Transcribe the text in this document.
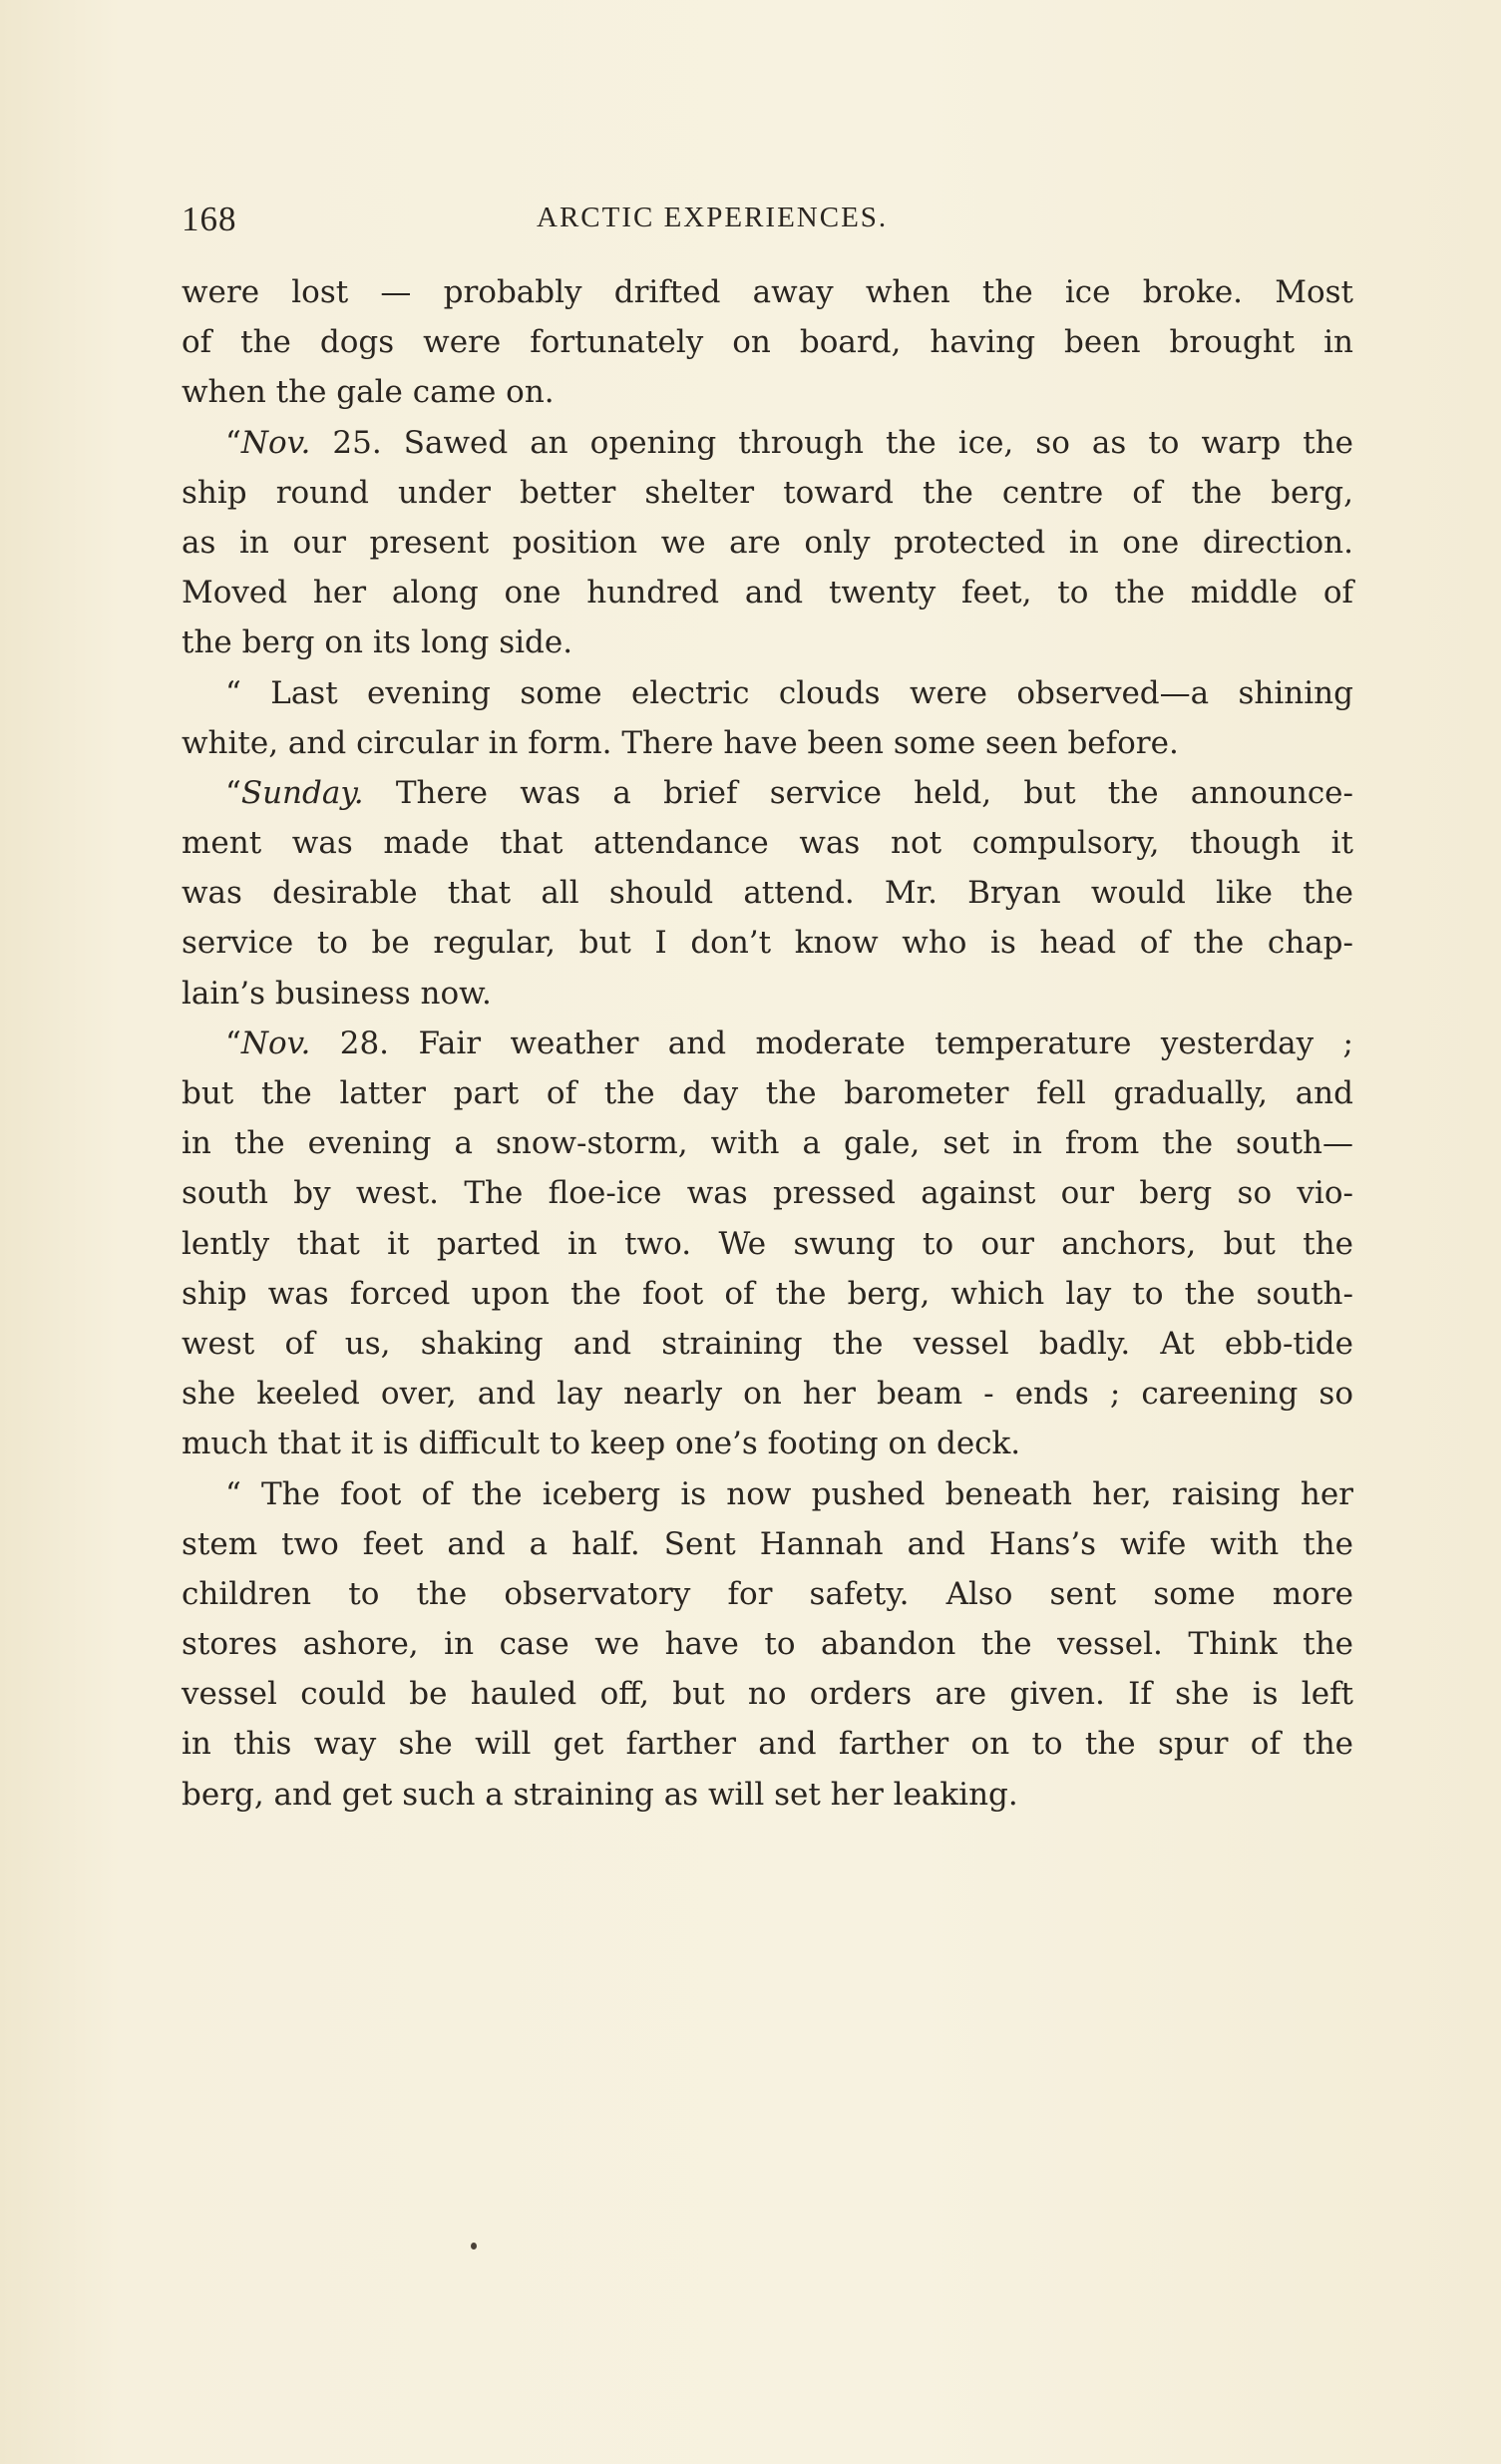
168	ARCTIC EXPERIENCES.
were lost — probably drifted away when the ice broke. Most
of the dogs were fortunately on board, having been brought in
when the gale came on.
“Nov. 25. Sawed an opening through the ice, so as to warp the
ship round under better shelter toward the centre of the berg,
as in our present position we are only protected in one direction.
Moved her along one hundred and twenty feet, to the middle of
the berg on its long side.
“ Last evening some electric clouds were observed—a shining
white, and circular in form. There have been some seen before.
“Sunday. There was a brief service held, but the announce-
ment was made that attendance was not compulsory, though it
was desirable that all should attend. Mr. Bryan would like the
service to be regular, but I don’t know who is head of the chap-
lain’s business now.
“Nov. 28. Fair weather and moderate temperature yesterday ;
but the latter part of the day the barometer fell gradually, and
in the evening a snow-storm, with a gale, set in from the south—
south by west. The floe-ice was pressed against our berg so vio-
lently that it parted in two. We swung to our anchors, but the
ship was forced upon the foot of the berg, which lay to the south-
west of us, shaking and straining the vessel badly. At ebb-tide
she keeled over, and lay nearly on her beam - ends ; careening so
much that it is difficult to keep one’s footing on deck.
“ The foot of the iceberg is now pushed beneath her, raising her
stem two feet and a half. Sent Hannah and Hans’s wife with the
children to the observatory for safety. Also sent some more
stores ashore, in case we have to abandon the vessel. Think the
vessel could be hauled off, but no orders are given. If she is left
in this way she will get farther and farther on to the spur of the
berg, and get such a straining as will set her leaking.
